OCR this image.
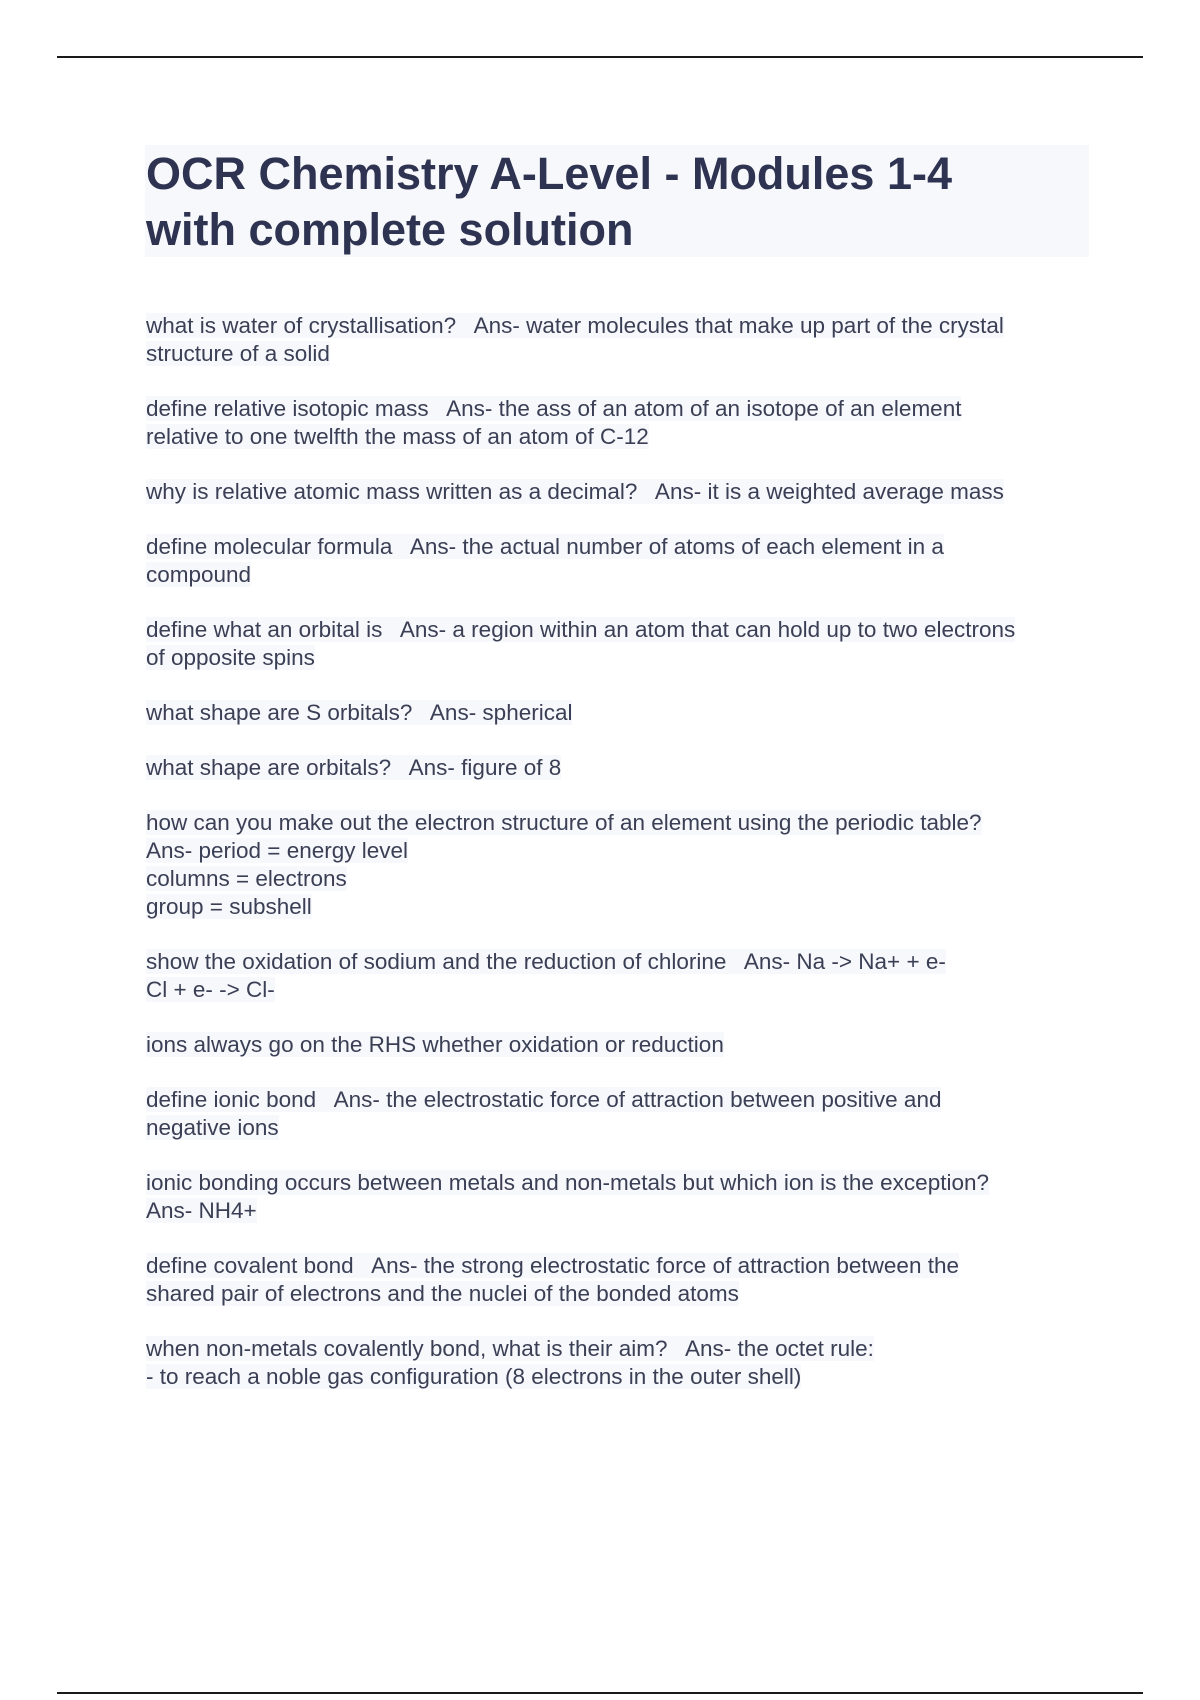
OCR Chemistry A-Level - Modules 1-4
with complete solution

what is water of crystallisation?   Ans- water molecules that make up part of the crystal
structure of a solid

define relative isotopic mass   Ans- the ass of an atom of an isotope of an element
relative to one twelfth the mass of an atom of C-12

why is relative atomic mass written as a decimal?   Ans- it is a weighted average mass

define molecular formula   Ans- the actual number of atoms of each element in a
compound

define what an orbital is   Ans- a region within an atom that can hold up to two electrons
of opposite spins

what shape are S orbitals?   Ans- spherical

what shape are orbitals?   Ans- figure of 8

how can you make out the electron structure of an element using the periodic table?
Ans- period = energy level
columns = electrons
group = subshell

show the oxidation of sodium and the reduction of chlorine   Ans- Na -> Na+ + e-
Cl + e- -> Cl-

ions always go on the RHS whether oxidation or reduction

define ionic bond   Ans- the electrostatic force of attraction between positive and
negative ions

ionic bonding occurs between metals and non-metals but which ion is the exception?
Ans- NH4+

define covalent bond   Ans- the strong electrostatic force of attraction between the
shared pair of electrons and the nuclei of the bonded atoms

when non-metals covalently bond, what is their aim?   Ans- the octet rule:
- to reach a noble gas configuration (8 electrons in the outer shell)
